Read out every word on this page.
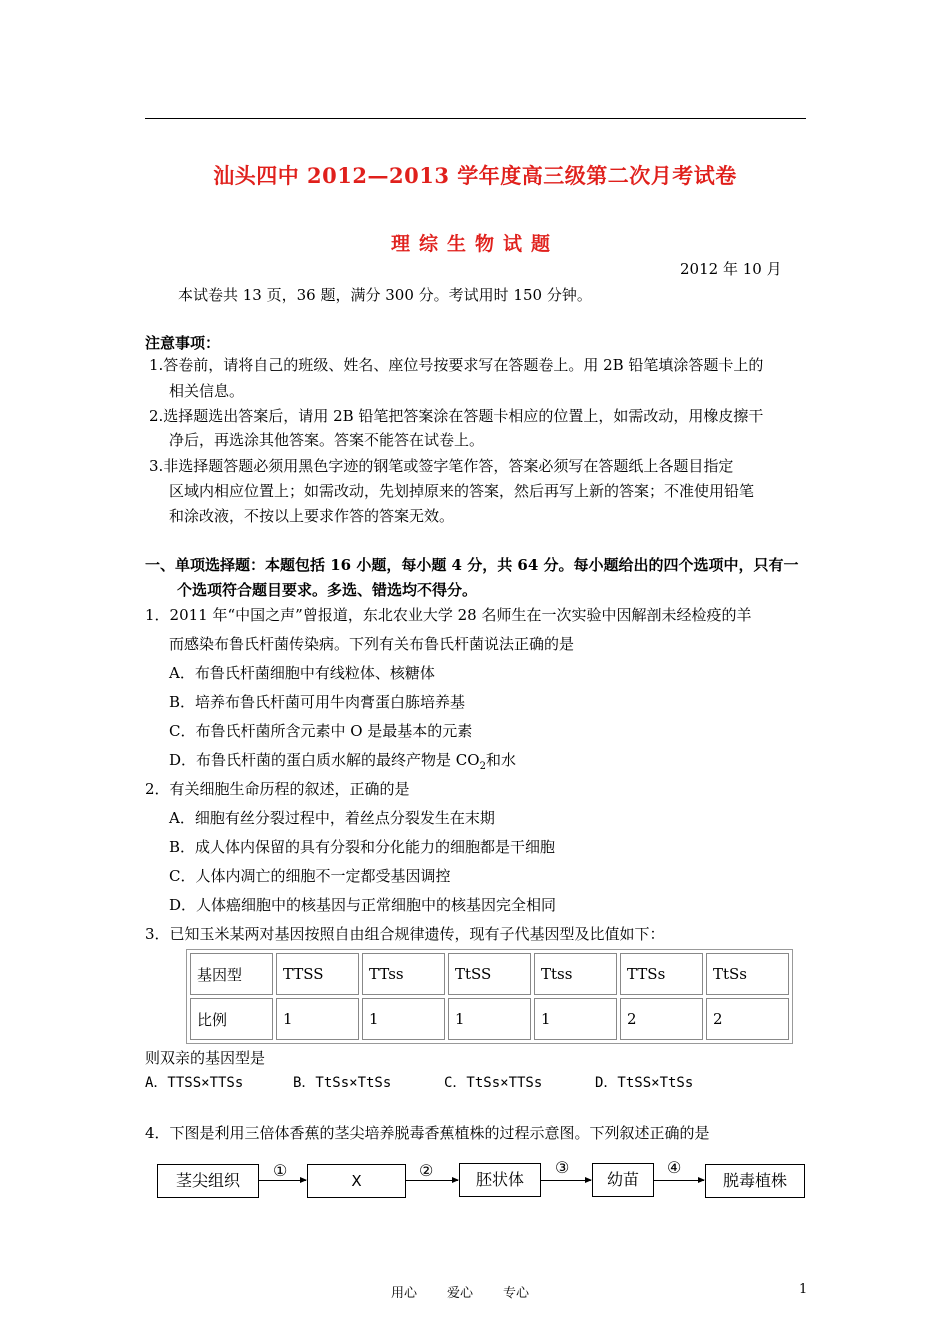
汕头四中 2012—2013 学年度高三级第二次月考试卷
理综生物试题
2012 年 10 月
本试卷共 13 页，36 题，满分 300 分。考试用时 150 分钟。
注意事项：
1.答卷前，请将自己的班级、姓名、座位号按要求写在答题卷上。用 2B 铅笔填涂答题卡上的
相关信息。
2.选择题选出答案后，请用 2B 铅笔把答案涂在答题卡相应的位置上，如需改动，用橡皮擦干
净后，再选涂其他答案。答案不能答在试卷上。
3.非选择题答题必须用黑色字迹的钢笔或签字笔作答，答案必须写在答题纸上各题目指定
区域内相应位置上；如需改动，先划掉原来的答案，然后再写上新的答案；不准使用铅笔
和涂改液，不按以上要求作答的答案无效。
一、单项选择题：本题包括 16 小题，每小题 4 分，共 64 分。每小题给出的四个选项中，只有一
个选项符合题目要求。多选、错选均不得分。
1．2011 年“中国之声”曾报道，东北农业大学 28 名师生在一次实验中因解剖未经检疫的羊
而感染布鲁氏杆菌传染病。下列有关布鲁氏杆菌说法正确的是
A．布鲁氏杆菌细胞中有线粒体、核糖体
B．培养布鲁氏杆菌可用牛肉膏蛋白胨培养基
C．布鲁氏杆菌所含元素中 O 是最基本的元素
D．布鲁氏杆菌的蛋白质水解的最终产物是 $CO_2$和水
2．有关细胞生命历程的叙述，正确的是
A．细胞有丝分裂过程中，着丝点分裂发生在末期
B．成人体内保留的具有分裂和分化能力的细胞都是干细胞
C．人体内凋亡的细胞不一定都受基因调控
D．人体癌细胞中的核基因与正常细胞中的核基因完全相同
3．已知玉米某两对基因按照自由组合规律遗传，现有子代基因型及比值如下：
基因型	TTSS	TTss	TtSS	Ttss	TTSs	TtSs
比例	1	1	1	1	2	2
则双亲的基因型是
A．TTSS×TTSs	B．TtSs×TtSs	C．TtSs×TTSs	D．TtSS×TtSs
4．下图是利用三倍体香蕉的茎尖培养脱毒香蕉植株的过程示意图。下列叙述正确的是
茎尖组织	X	胚状体	幼苗	脱毒植株
①	②	③	④
用心 爱心 专心	1
